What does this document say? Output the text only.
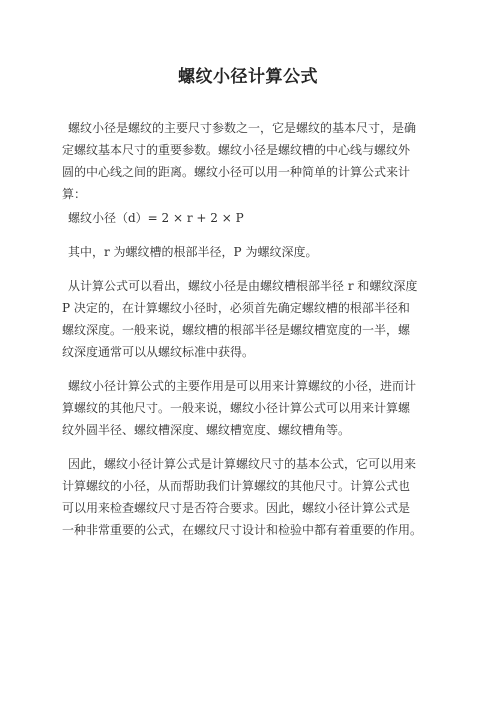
螺纹小径计算公式

螺纹小径是螺纹的主要尺寸参数之一，它是螺纹的基本尺寸，是确
定螺纹基本尺寸的重要参数。螺纹小径是螺纹槽的中心线与螺纹外
圆的中心线之间的距离。螺纹小径可以用一种简单的计算公式来计
算：

螺纹小径（d）= 2 × r + 2 × P

其中，r 为螺纹槽的根部半径，P 为螺纹深度。

从计算公式可以看出，螺纹小径是由螺纹槽根部半径 r 和螺纹深度
P 决定的，在计算螺纹小径时，必须首先确定螺纹槽的根部半径和
螺纹深度。一般来说，螺纹槽的根部半径是螺纹槽宽度的一半，螺
纹深度通常可以从螺纹标准中获得。

螺纹小径计算公式的主要作用是可以用来计算螺纹的小径，进而计
算螺纹的其他尺寸。一般来说，螺纹小径计算公式可以用来计算螺
纹外圆半径、螺纹槽深度、螺纹槽宽度、螺纹槽角等。

因此，螺纹小径计算公式是计算螺纹尺寸的基本公式，它可以用来
计算螺纹的小径，从而帮助我们计算螺纹的其他尺寸。计算公式也
可以用来检查螺纹尺寸是否符合要求。因此，螺纹小径计算公式是
一种非常重要的公式，在螺纹尺寸设计和检验中都有着重要的作用。
